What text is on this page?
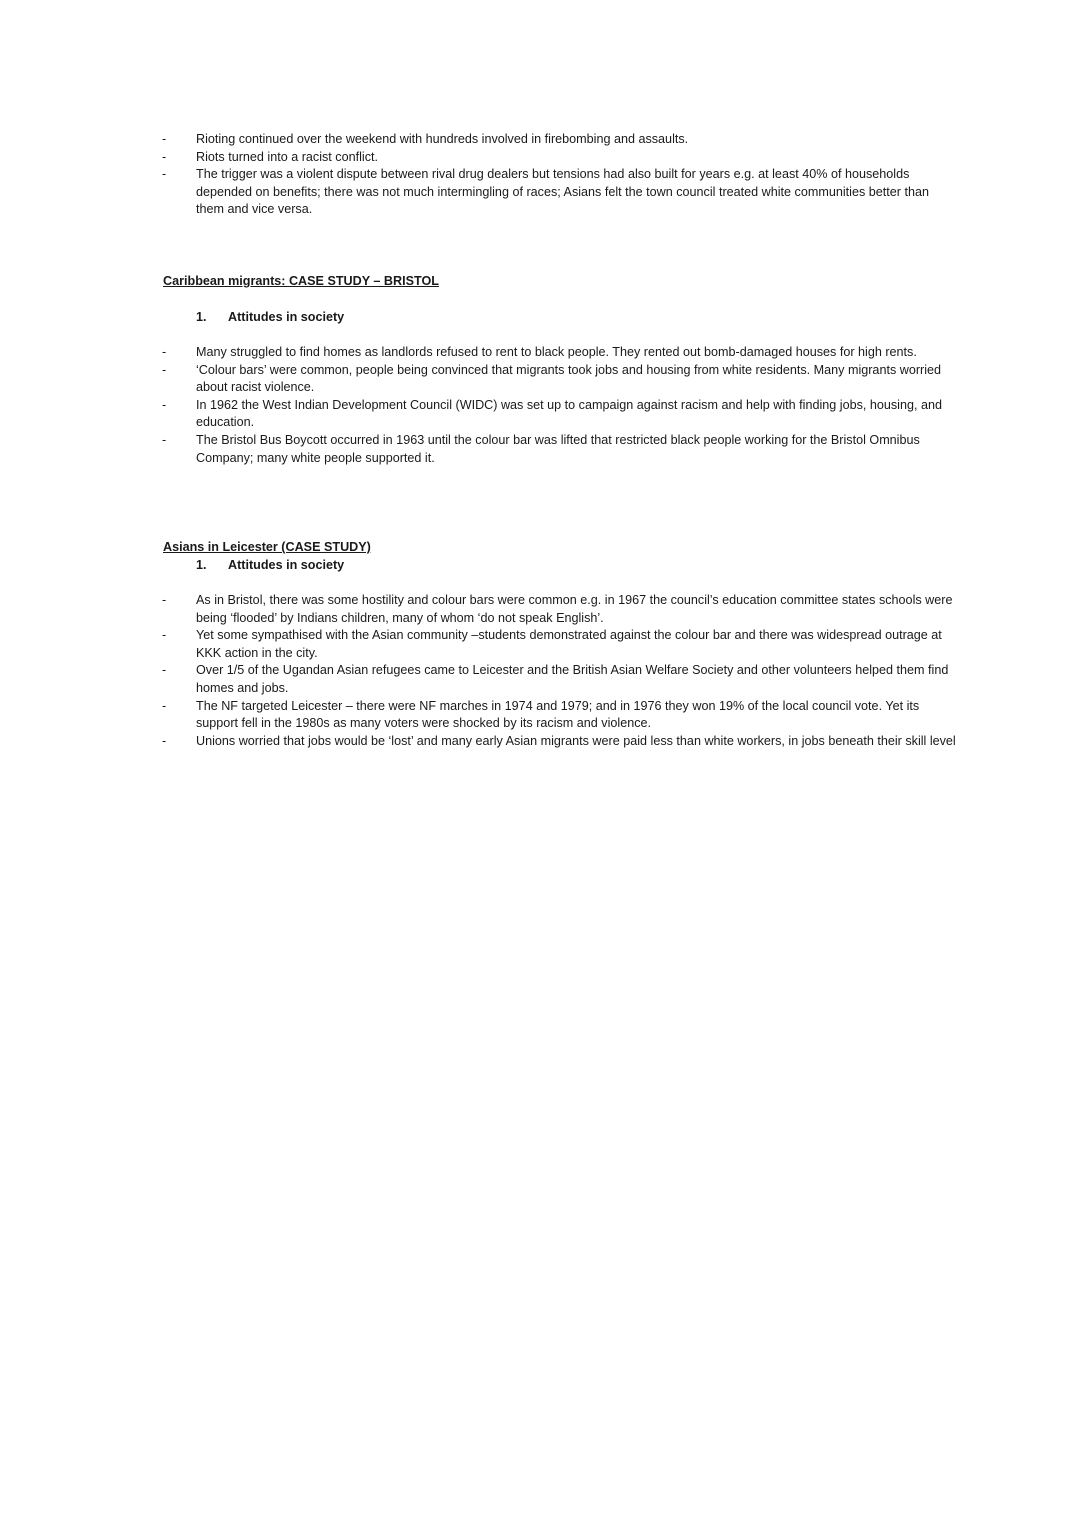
- Rioting continued over the weekend with hundreds involved in firebombing and assaults.
- Riots turned into a racist conflict.
- The trigger was a violent dispute between rival drug dealers but tensions had also built for years e.g. at least 40% of households depended on benefits; there was not much intermingling of races; Asians felt the town council treated white communities better than them and vice versa.
Caribbean migrants: CASE STUDY – BRISTOL
1. Attitudes in society
- Many struggled to find homes as landlords refused to rent to black people. They rented out bomb-damaged houses for high rents.
- ‘Colour bars’ were common, people being convinced that migrants took jobs and housing from white residents. Many migrants worried about racist violence.
- In 1962 the West Indian Development Council (WIDC) was set up to campaign against racism and help with finding jobs, housing, and education.
- The Bristol Bus Boycott occurred in 1963 until the colour bar was lifted that restricted black people working for the Bristol Omnibus Company; many white people supported it.
Asians in Leicester (CASE STUDY)
1. Attitudes in society
- As in Bristol, there was some hostility and colour bars were common e.g. in 1967 the council’s education committee states schools were being ‘flooded’ by Indians children, many of whom ‘do not speak English’.
- Yet some sympathised with the Asian community –students demonstrated against the colour bar and there was widespread outrage at KKK action in the city.
- Over 1/5 of the Ugandan Asian refugees came to Leicester and the British Asian Welfare Society and other volunteers helped them find homes and jobs.
- The NF targeted Leicester – there were NF marches in 1974 and 1979; and in 1976 they won 19% of the local council vote. Yet its support fell in the 1980s as many voters were shocked by its racism and violence.
- Unions worried that jobs would be ‘lost’ and many early Asian migrants were paid less than white workers, in jobs beneath their skill level
